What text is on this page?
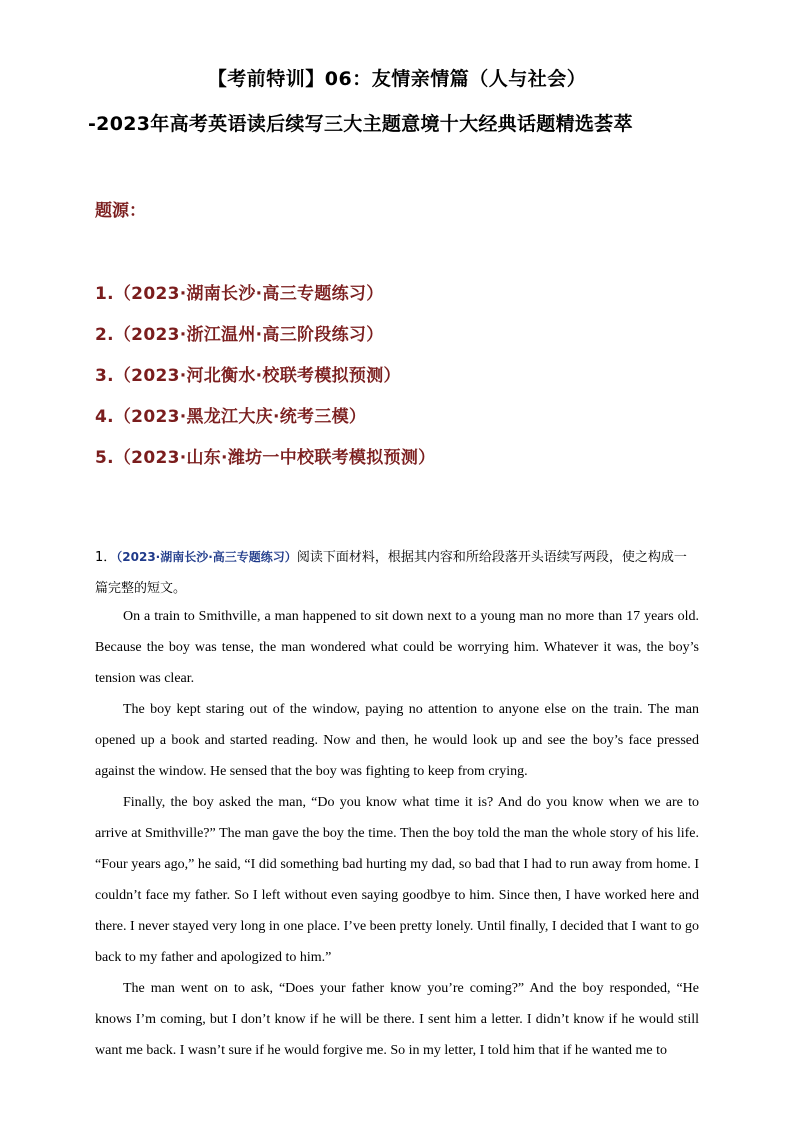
【考前特训】06：友情亲情篇（人与社会）
-2023年高考英语读后续写三大主题意境十大经典话题精选荟萃
题源：
1.（2023·湖南长沙·高三专题练习）
2.（2023·浙江温州·高三阶段练习）
3.（2023·河北衡水·校联考模拟预测）
4.（2023·黑龙江大庆·统考三模）
5.（2023·山东·潍坊一中校联考模拟预测）
1．（2023·湖南长沙·高三专题练习）阅读下面材料，根据其内容和所给段落开头语续写两段，使之构成一篇完整的短文。

On a train to Smithville, a man happened to sit down next to a young man no more than 17 years old. Because the boy was tense, the man wondered what could be worrying him. Whatever it was, the boy’s tension was clear.

The boy kept staring out of the window, paying no attention to anyone else on the train. The man opened up a book and started reading. Now and then, he would look up and see the boy’s face pressed against the window. He sensed that the boy was fighting to keep from crying.

Finally, the boy asked the man, “Do you know what time it is? And do you know when we are to arrive at Smithville?” The man gave the boy the time. Then the boy told the man the whole story of his life. “Four years ago,” he said, “I did something bad hurting my dad, so bad that I had to run away from home. I couldn’t face my father. So I left without even saying goodbye to him. Since then, I have worked here and there. I never stayed very long in one place. I’ve been pretty lonely. Until finally, I decided that I want to go back to my father and apologized to him.”

The man went on to ask, “Does your father know you’re coming?” And the boy responded, “He knows I’m coming, but I don’t know if he will be there. I sent him a letter. I didn’t know if he would still want me back. I wasn’t sure if he would forgive me. So in my letter, I told him that if he wanted me to
